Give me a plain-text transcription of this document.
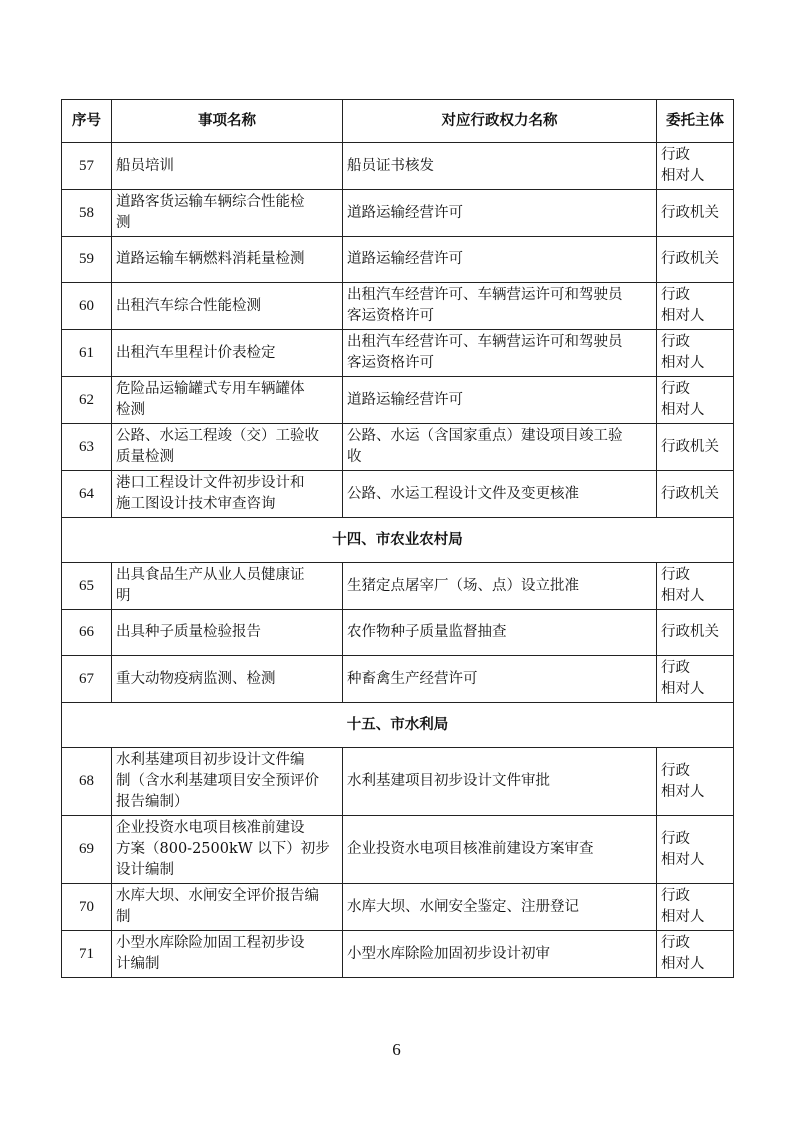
序号	事项名称	对应行政权力名称	委托主体
57	船员培训	船员证书核发	行政
相对人
58	道路客货运输车辆综合性能检
测	道路运输经营许可	行政机关
59	道路运输车辆燃料消耗量检测	道路运输经营许可	行政机关
60	出租汽车综合性能检测	出租汽车经营许可、车辆营运许可和驾驶员
客运资格许可	行政
相对人
61	出租汽车里程计价表检定	出租汽车经营许可、车辆营运许可和驾驶员
客运资格许可	行政
相对人
62	危险品运输罐式专用车辆罐体
检测	道路运输经营许可	行政
相对人
63	公路、水运工程竣（交）工验收
质量检测	公路、水运（含国家重点）建设项目竣工验
收	行政机关
64	港口工程设计文件初步设计和
施工图设计技术审查咨询	公路、水运工程设计文件及变更核准	行政机关
十四、市农业农村局			
65	出具食品生产从业人员健康证
明	生猪定点屠宰厂（场、点）设立批准	行政
相对人
66	出具种子质量检验报告	农作物种子质量监督抽查	行政机关
67	重大动物疫病监测、检测	种畜禽生产经营许可	行政
相对人
十五、市水利局			
68	水利基建项目初步设计文件编
制（含水利基建项目安全预评价
报告编制）	水利基建项目初步设计文件审批	行政
相对人
69	企业投资水电项目核准前建设
方案（800-2500kW 以下）初步
设计编制	企业投资水电项目核准前建设方案审查	行政
相对人
70	水库大坝、水闸安全评价报告编
制	水库大坝、水闸安全鉴定、注册登记	行政
相对人
71	小型水库除险加固工程初步设
计编制	小型水库除险加固初步设计初审	行政
相对人
6
